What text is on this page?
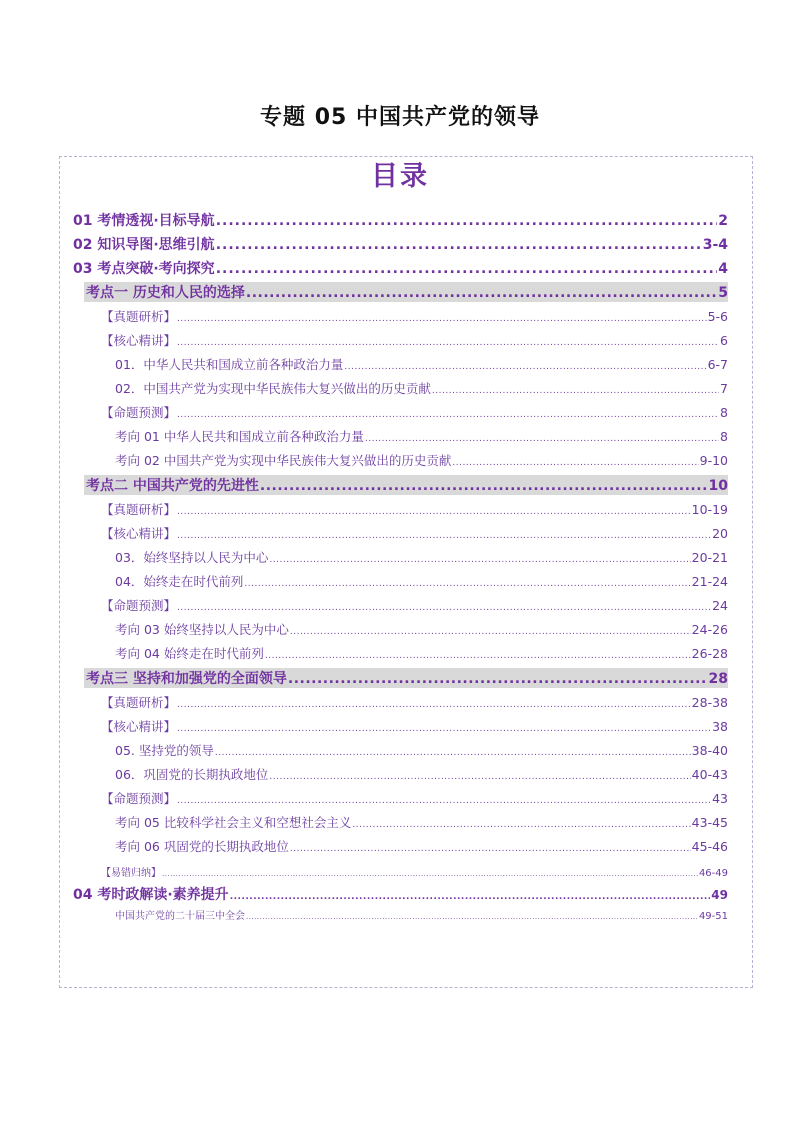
专题 05 中国共产党的领导
目录
01 考情透视·目标导航 .....	2
02 知识导图·思维引航 .....	3-4
03 考点突破·考向探究 .....	4
考点一 历史和人民的选择 .....	5
【真题研析】 .....	5-6
【核心精讲】 .....	6
01．中华人民共和国成立前各种政治力量 .....	6-7
02．中国共产党为实现中华民族伟大复兴做出的历史贡献 .....	7
【命题预测】 .....	8
考向 01 中华人民共和国成立前各种政治力量 .....	8
考向 02 中国共产党为实现中华民族伟大复兴做出的历史贡献 .....	9-10
考点二 中国共产党的先进性 .....	10
【真题研析】 .....	10-19
【核心精讲】 .....	20
03．始终坚持以人民为中心 .....	20-21
04．始终走在时代前列 .....	21-24
【命题预测】 .....	24
考向 03 始终坚持以人民为中心 .....	24-26
考向 04 始终走在时代前列 .....	26-28
考点三 坚持和加强党的全面领导 .....	28
【真题研析】 .....	28-38
【核心精讲】 .....	38
05. 坚持党的领导 .....	38-40
06．巩固党的长期执政地位 .....	40-43
【命题预测】 .....	43
考向 05 比较科学社会主义和空想社会主义 .....	43-45
考向 06 巩固党的长期执政地位 .....	45-46
【易错归纳】 .....	46-49
04 考时政解读·素养提升 .....	49
中国共产党的二十届三中全会 .....	49-51
